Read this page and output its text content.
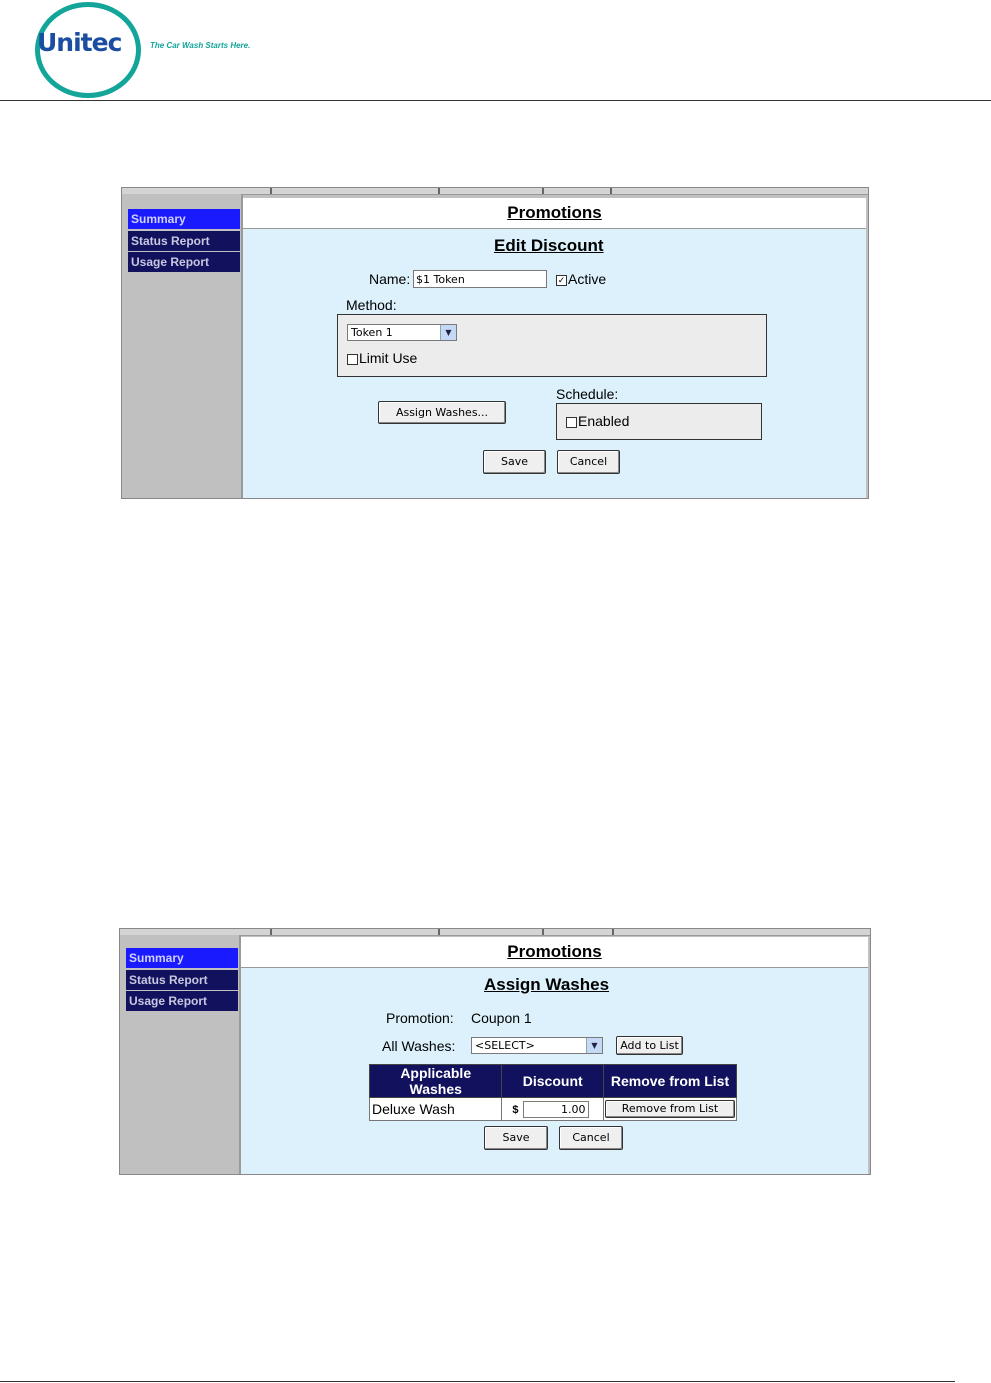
Unitec	The Car Wash Starts Here.
Summary
Status Report
Usage Report
Promotions
Edit Discount
Name:
$1 Token	✓ Active
Method:
Token 1	▼
Limit Use
Schedule:
Enabled
Assign Washes...
Save	Cancel
Summary
Status Report
Usage Report
Promotions
Assign Washes
Promotion: Coupon 1
All Washes:	<SELECT>	▼	Add to List
Applicable Washes	Discount	Remove from List
Deluxe Wash	$1.00	Remove from List
Save	Cancel
